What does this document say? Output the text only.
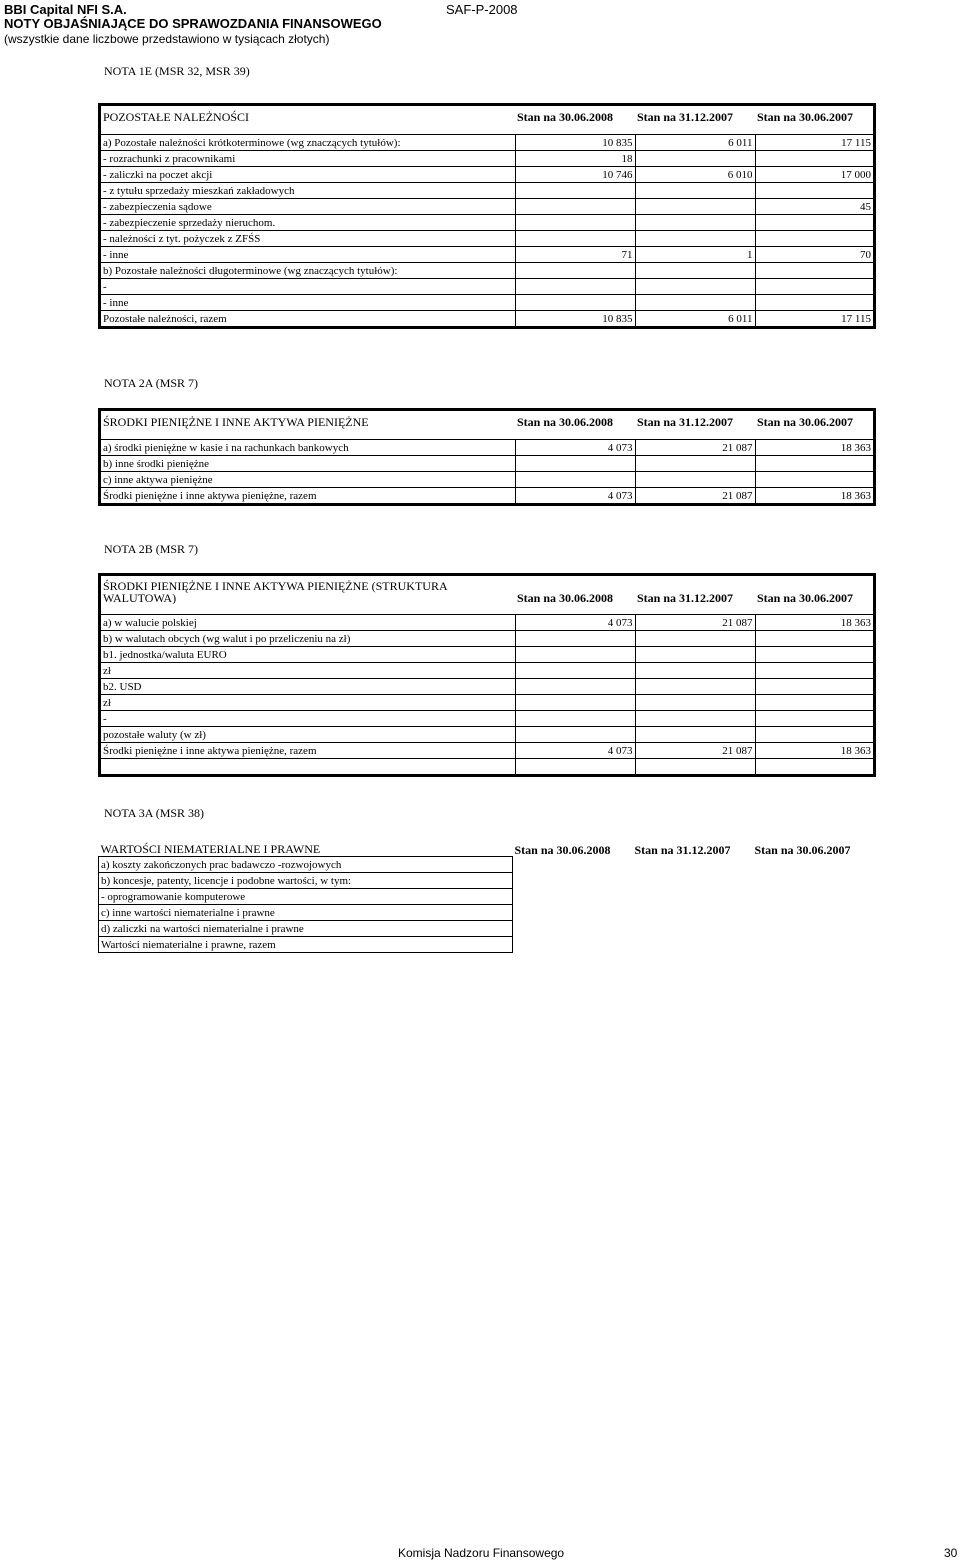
BBI Capital NFI S.A.
NOTY OBJAŚNIAJĄCE DO SPRAWOZDANIA FINANSOWEGO
(wszystkie dane liczbowe przedstawiono w tysiącach złotych)
SAF-P-2008
NOTA 1E (MSR 32, MSR 39)
POZOSTAŁE NALEŻNOŚCI	Stan na 30.06.2008	Stan na 31.12.2007	Stan na 30.06.2007

a) Pozostałe należności krótkoterminowe (wg znaczących tytułów):	10 835	6 011	17 115
- rozrachunki z pracownikami	18		
- zaliczki na poczet akcji	10 746	6 010	17 000
- z tytułu sprzedaży mieszkań zakładowych			
- zabezpieczenia sądowe			45
- zabezpieczenie sprzedaży nieruchom.			
- należności z tyt. pożyczek z ZFŚS			
- inne	71	1	70
b) Pozostałe należności długoterminowe (wg znaczących tytułów):			
-			
- inne			
Pozostałe należności, razem	10 835	6 011	17 115
NOTA 2A (MSR 7)
ŚRODKI PIENIĘŻNE I INNE AKTYWA PIENIĘŻNE	Stan na 30.06.2008	Stan na 31.12.2007	Stan na 30.06.2007

a) środki pieniężne w kasie i na rachunkach bankowych	4 073	21 087	18 363
b) inne środki pieniężne			
c) inne aktywa pieniężne			
Środki pieniężne i inne aktywa pieniężne, razem	4 073	21 087	18 363
NOTA 2B (MSR 7)
ŚRODKI PIENIĘŻNE I INNE AKTYWA PIENIĘŻNE (STRUKTURA WALUTOWA)	Stan na 30.06.2008	Stan na 31.12.2007	Stan na 30.06.2007

a) w walucie polskiej	4 073	21 087	18 363
b) w walutach obcych (wg walut i po przeliczeniu na zł)			
b1. jednostka/waluta EURO			
zł			
b2. USD			
zł			
-			
pozostałe waluty (w zł)			
Środki pieniężne i inne aktywa pieniężne, razem	4 073	21 087	18 363

NOTA 3A (MSR 38)
WARTOŚCI NIEMATERIALNE I PRAWNE	Stan na 30.06.2008	Stan na 31.12.2007	Stan na 30.06.2007
a) koszty zakończonych prac badawczo -rozwojowych			
b) koncesje, patenty, licencje i podobne wartości, w tym:			
- oprogramowanie komputerowe			
c) inne wartości niematerialne i prawne			
d) zaliczki na wartości niematerialne i prawne			
Wartości niematerialne i prawne, razem			
Komisja Nadzoru Finansowego	30
